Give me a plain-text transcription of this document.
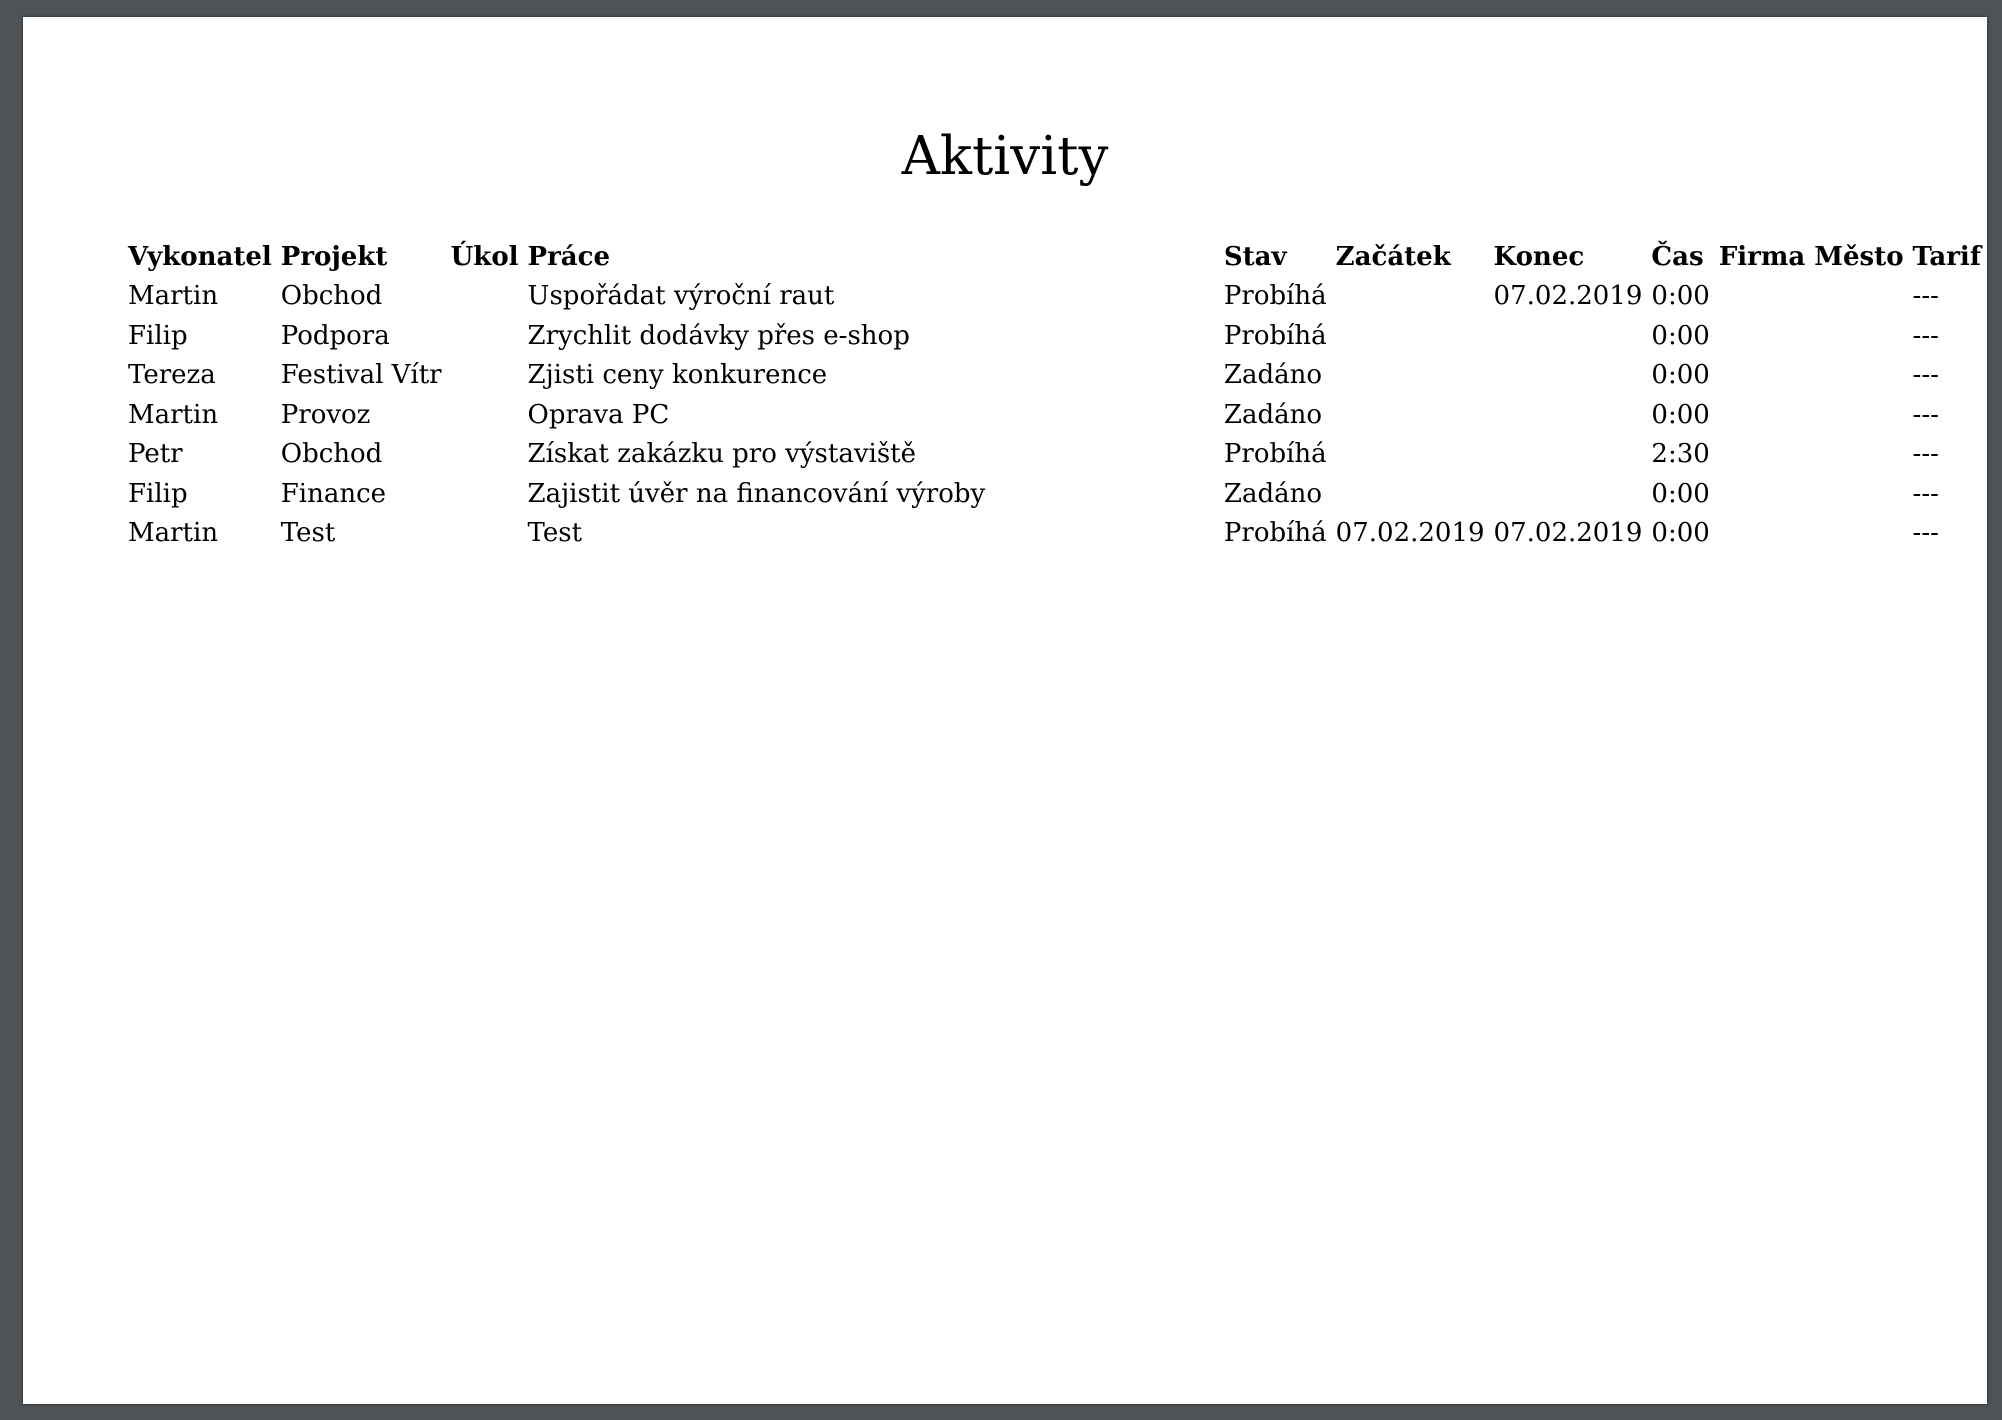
Aktivity
Vykonatel	Projekt	Úkol	Práce	Stav	Začátek	Konec	Čas	Firma	Město	Tarif
Martin	Obchod		Uspořádat výroční raut	Probíhá		07.02.2019	0:00			---
Filip	Podpora		Zrychlit dodávky přes e-shop	Probíhá			0:00			---
Tereza	Festival Vítr		Zjisti ceny konkurence	Zadáno			0:00			---
Martin	Provoz		Oprava PC	Zadáno			0:00			---
Petr	Obchod		Získat zakázku pro výstaviště	Probíhá			2:30			---
Filip	Finance		Zajistit úvěr na financování výroby	Zadáno			0:00			---
Martin	Test		Test	Probíhá	07.02.2019	07.02.2019	0:00			---
